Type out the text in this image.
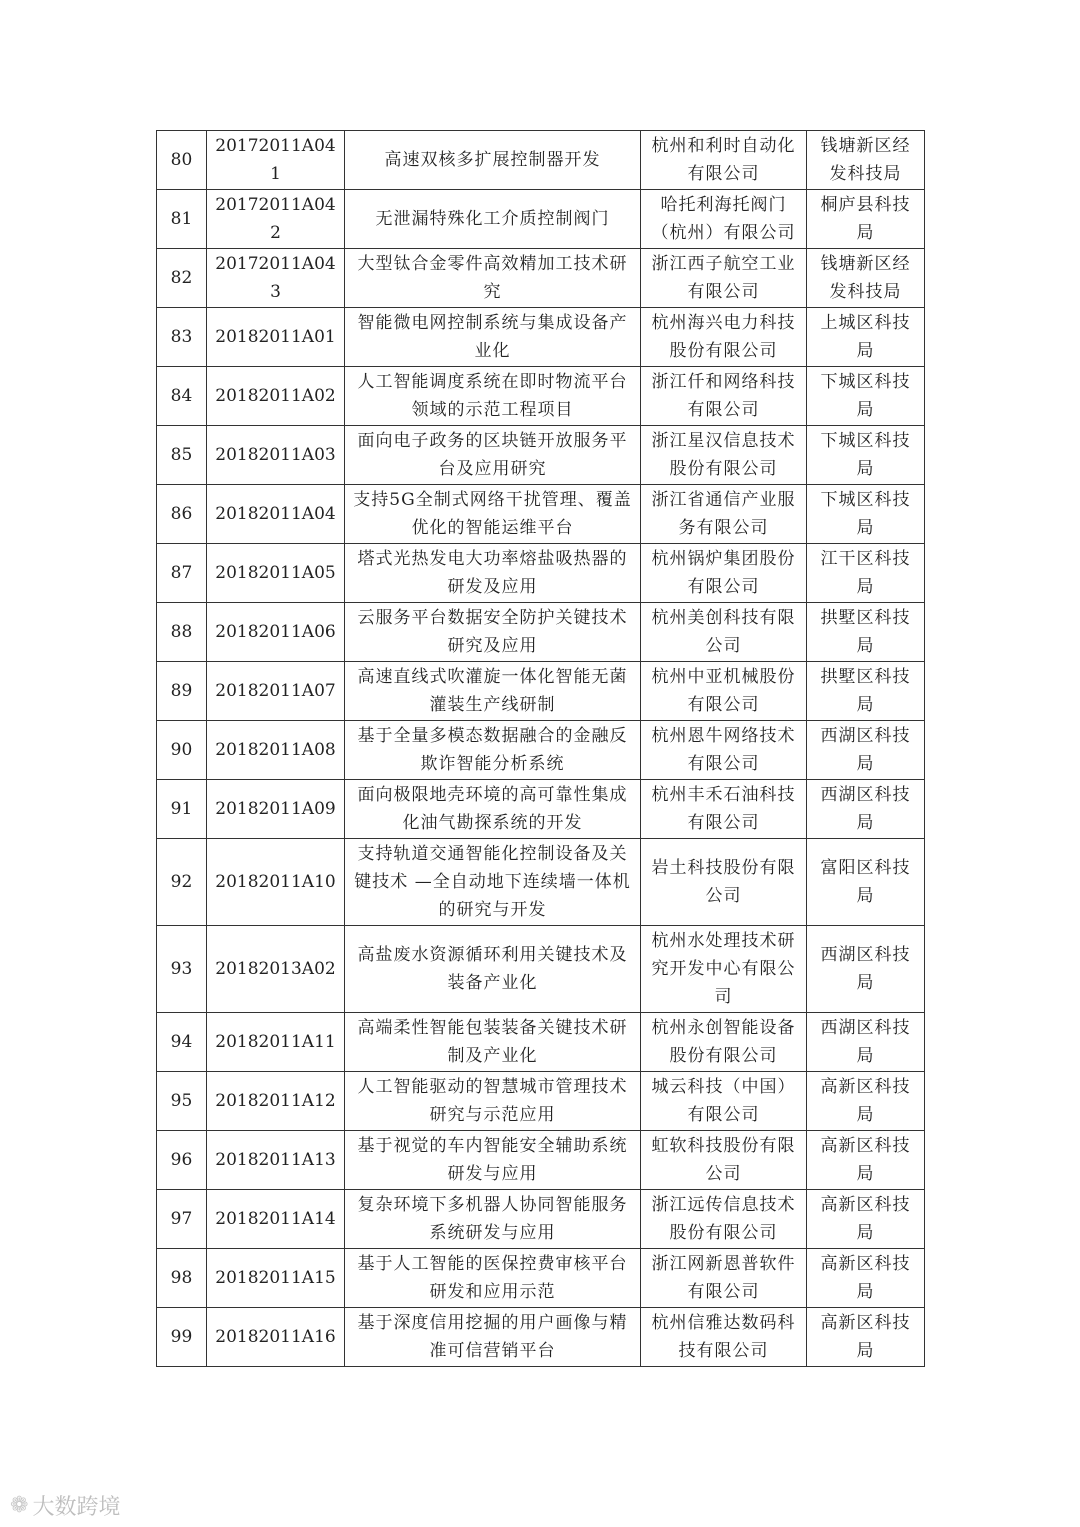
80	20172011A041	高速双核多扩展控制器开发	杭州和利时自动化有限公司	钱塘新区经发科技局
81	20172011A042	无泄漏特殊化工介质控制阀门	哈托利海托阀门（杭州）有限公司	桐庐县科技局
82	20172011A043	大型钛合金零件高效精加工技术研究	浙江西子航空工业有限公司	钱塘新区经发科技局
83	20182011A01	智能微电网控制系统与集成设备产业化	杭州海兴电力科技股份有限公司	上城区科技局
84	20182011A02	人工智能调度系统在即时物流平台领域的示范工程项目	浙江仟和网络科技有限公司	下城区科技局
85	20182011A03	面向电子政务的区块链开放服务平台及应用研究	浙江星汉信息技术股份有限公司	下城区科技局
86	20182011A04	支持5G全制式网络干扰管理、覆盖优化的智能运维平台	浙江省通信产业服务有限公司	下城区科技局
87	20182011A05	塔式光热发电大功率熔盐吸热器的研发及应用	杭州锅炉集团股份有限公司	江干区科技局
88	20182011A06	云服务平台数据安全防护关键技术研究及应用	杭州美创科技有限公司	拱墅区科技局
89	20182011A07	高速直线式吹灌旋一体化智能无菌灌装生产线研制	杭州中亚机械股份有限公司	拱墅区科技局
90	20182011A08	基于全量多模态数据融合的金融反欺诈智能分析系统	杭州恩牛网络技术有限公司	西湖区科技局
91	20182011A09	面向极限地壳环境的高可靠性集成化油气勘探系统的开发	杭州丰禾石油科技有限公司	西湖区科技局
92	20182011A10	支持轨道交通智能化控制设备及关键技术 —全自动地下连续墙一体机的研究与开发	岩土科技股份有限公司	富阳区科技局
93	20182013A02	高盐废水资源循环利用关键技术及装备产业化	杭州水处理技术研究开发中心有限公司	西湖区科技局
94	20182011A11	高端柔性智能包装装备关键技术研制及产业化	杭州永创智能设备股份有限公司	西湖区科技局
95	20182011A12	人工智能驱动的智慧城市管理技术研究与示范应用	城云科技（中国）有限公司	高新区科技局
96	20182011A13	基于视觉的车内智能安全辅助系统研发与应用	虹软科技股份有限公司	高新区科技局
97	20182011A14	复杂环境下多机器人协同智能服务系统研发与应用	浙江远传信息技术股份有限公司	高新区科技局
98	20182011A15	基于人工智能的医保控费审核平台研发和应用示范	浙江网新恩普软件有限公司	高新区科技局
99	20182011A16	基于深度信用挖掘的用户画像与精准可信营销平台	杭州信雅达数码科技有限公司	高新区科技局
❁ 大数跨境
